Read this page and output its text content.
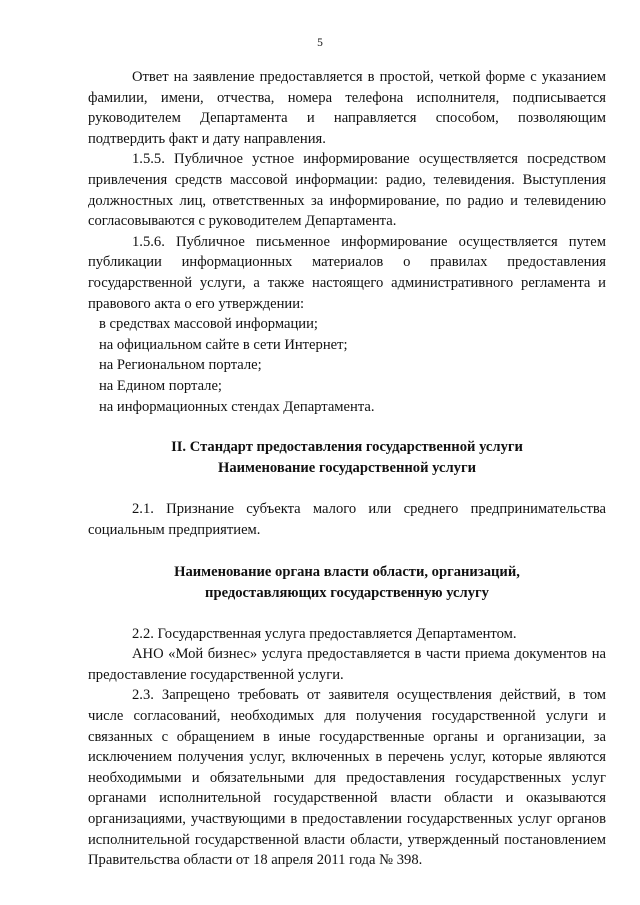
5

Ответ на заявление предоставляется в простой, четкой форме с указанием фамилии, имени, отчества, номера телефона исполнителя, подписывается руководителем Департамента и направляется способом, позволяющим подтвердить факт и дату направления.

1.5.5. Публичное устное информирование осуществляется посредством привлечения средств массовой информации: радио, телевидения. Выступления должностных лиц, ответственных за информирование, по радио и телевидению согласовываются с руководителем Департамента.

1.5.6. Публичное письменное информирование осуществляется путем публикации информационных материалов о правилах предоставления государственной услуги, а также настоящего административного регламента и правового акта о его утверждении:

в средствах массовой информации;

на официальном сайте в сети Интернет;

на Региональном портале;

на Едином портале;

на информационных стендах Департамента.

II. Стандарт предоставления государственной услуги
Наименование государственной услуги

2.1. Признание субъекта малого или среднего предпринимательства социальным предприятием.

Наименование органа власти области, организаций,
предоставляющих государственную услугу

2.2. Государственная услуга предоставляется Департаментом.

АНО «Мой бизнес» услуга предоставляется в части приема документов на предоставление государственной услуги.

2.3. Запрещено требовать от заявителя осуществления действий, в том числе согласований, необходимых для получения государственной услуги и связанных с обращением в иные государственные органы и организации, за исключением получения услуг, включенных в перечень услуг, которые являются необходимыми и обязательными для предоставления государственных услуг органами исполнительной государственной власти области и оказываются организациями, участвующими в предоставлении государственных услуг органов исполнительной государственной власти области, утвержденный постановлением Правительства области от 18 апреля 2011 года № 398.
